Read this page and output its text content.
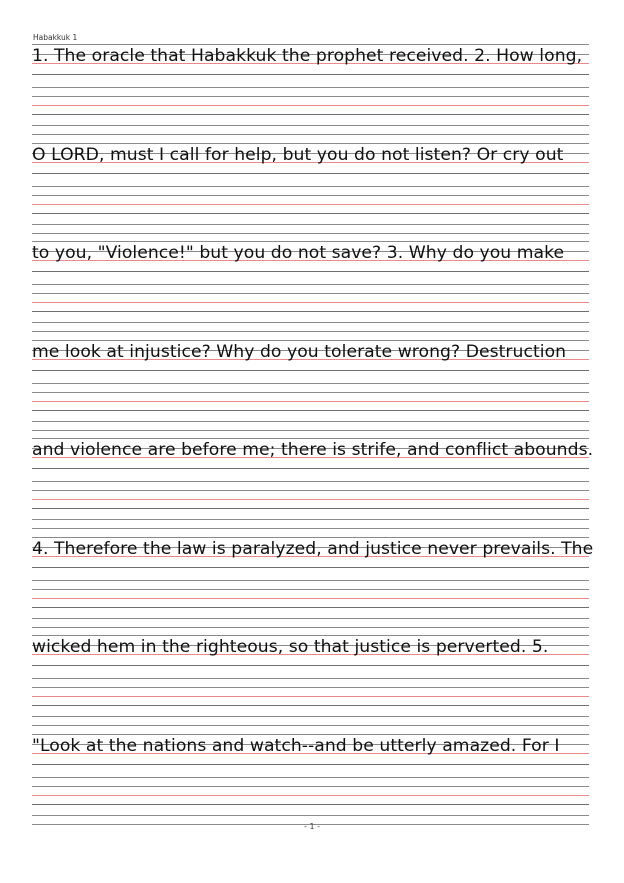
Habakkuk 1
1. The oracle that Habakkuk the prophet received. 2. How long,
O LORD, must I call for help, but you do not listen? Or cry out
to you, "Violence!" but you do not save? 3. Why do you make
me look at injustice? Why do you tolerate wrong? Destruction
and violence are before me; there is strife, and conflict abounds.
4. Therefore the law is paralyzed, and justice never prevails. The
wicked hem in the righteous, so that justice is perverted. 5.
"Look at the nations and watch--and be utterly amazed. For I
- 1 -
